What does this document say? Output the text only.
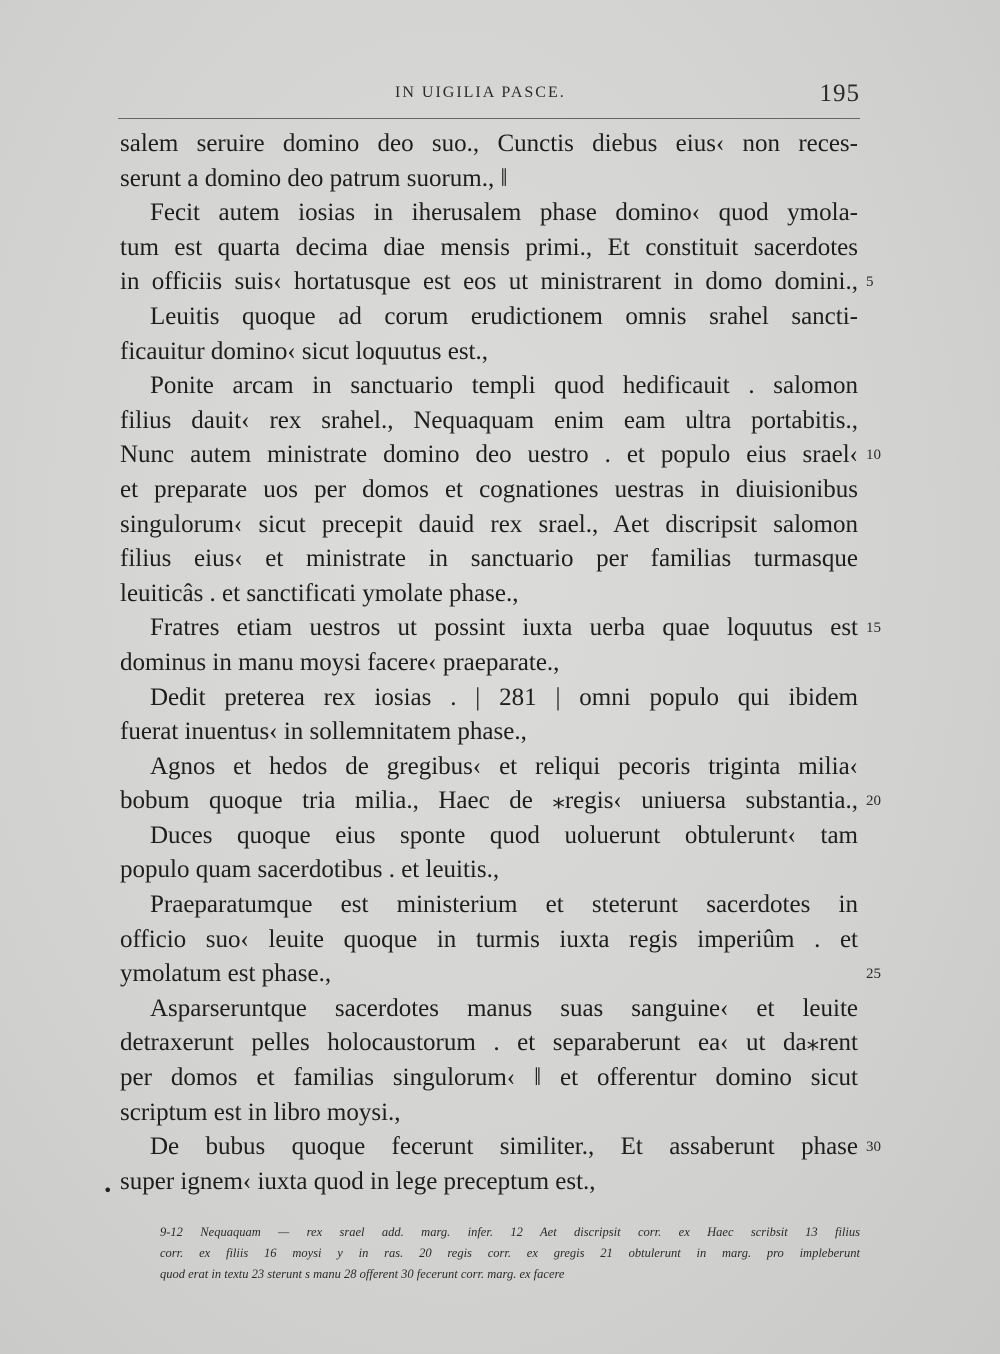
IN UIGILIA PASCE.	195
salem seruire domino deo suo., Cunctis diebus eius‹ non reces-
serunt a domino deo patrum suorum., ‖
Fecit autem iosias in iherusalem phase domino‹ quod ymola-
tum est quarta decima diae mensis primi., Et constituit sacerdotes
in officiis suis‹ hortatusque est eos ut ministrarent in domo domini.,
Leuitis quoque ad corum erudictionem omnis srahel sancti-
ficauitur domino‹ sicut loquutus est.,
Ponite arcam in sanctuario templi quod hedificauit . salomon
filius dauit‹ rex srahel., Nequaquam enim eam ultra portabitis.,
Nunc autem ministrate domino deo uestro . et populo eius srael‹
et preparate uos per domos et cognationes uestras in diuisionibus
singulorum‹ sicut precepit dauid rex srael., Aet discripsit salomon
filius eius‹ et ministrate in sanctuario per familias turmasque
leuiticâs . et sanctificati ymolate phase.,
Fratres etiam uestros ut possint iuxta uerba quae loquutus est
dominus in manu moysi facere‹ praeparate.,
Dedit preterea rex iosias . | 281 | omni populo qui ibidem
fuerat inuentus‹ in sollemnitatem phase.,
Agnos et hedos de gregibus‹ et reliqui pecoris triginta milia‹
bobum quoque tria milia., Haec de ⁎regis‹ uniuersa substantia.,
Duces quoque eius sponte quod uoluerunt obtulerunt‹ tam
populo quam sacerdotibus . et leuitis.,
Praeparatumque est ministerium et steterunt sacerdotes in
officio suo‹ leuite quoque in turmis iuxta regis imperiûm . et
ymolatum est phase.,
Asparseruntque sacerdotes manus suas sanguine‹ et leuite
detraxerunt pelles holocaustorum . et separaberunt ea‹ ut da⁎rent
per domos et familias singulorum‹ ‖ et offerentur domino sicut
scriptum est in libro moysi.,
De bubus quoque fecerunt similiter., Et assaberunt phase
super ignem‹ iuxta quod in lege preceptum est.,
5
10
15
20
25
30
•
9-12 Nequaquam — rex srael add. marg. infer. 12 Aet discripsit corr. ex Haec scribsit 13 filius
corr. ex filiis 16 moysi y in ras. 20 regis corr. ex gregis 21 obtulerunt in marg. pro impleberunt
quod erat in textu 23 sterunt s manu 28 offerent 30 fecerunt corr. marg. ex facere
